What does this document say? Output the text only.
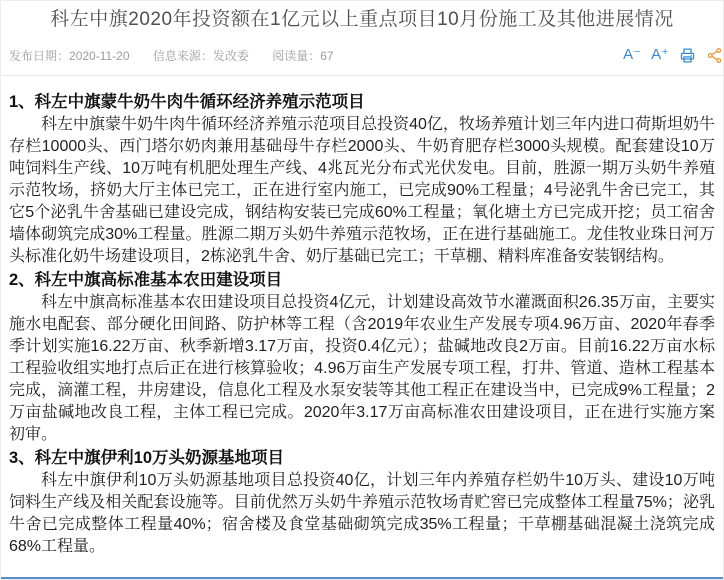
科左中旗2020年投资额在1亿元以上重点项目10月份施工及其他进展情况
发布日期：2020-11-20 信息来源：发改委 阅读量：67	A⁻ A⁺
1、科左中旗蒙牛奶牛肉牛循环经济养殖示范项目

科左中旗蒙牛奶牛肉牛循环经济养殖示范项目总投资40亿，牧场养殖计划三年内进口荷斯坦奶牛存栏10000头、西门塔尔奶肉兼用基础母牛存栏2000头、牛奶育肥存栏3000头规模。配套建设10万吨饲料生产线、10万吨有机肥处理生产线、4兆瓦光分布式光伏发电。目前，胜源一期万头奶牛养殖示范牧场，挤奶大厅主体已完工，正在进行室内施工，已完成90%工程量；4号泌乳牛舍已完工，其它5个泌乳牛舍基础已建设完成，钢结构安装已完成60%工程量；氧化塘土方已完成开挖；员工宿舍墙体砌筑完成30%工程量。胜源二期万头奶牛养殖示范牧场，正在进行基础施工。龙佳牧业珠日河万头标准化奶牛场建设项目，2栋泌乳牛舍、奶厅基础已完工；干草棚、精料库准备安装钢结构。

2、科左中旗高标准基本农田建设项目

科左中旗高标准基本农田建设项目总投资4亿元，计划建设高效节水灌溉面积26.35万亩，主要实施水电配套、部分硬化田间路、防护林等工程（含2019年农业生产发展专项4.96万亩、2020年春季季计划实施16.22万亩、秋季新增3.17万亩，投资0.4亿元）；盐碱地改良2万亩。目前16.22万亩水标工程验收组实地打点后正在进行核算验收；4.96万亩生产发展专项工程，打井、管道、造林工程基本完成，滴灌工程，井房建设，信息化工程及水泵安装等其他工程正在建设当中，已完成9%工程量；2万亩盐碱地改良工程，主体工程已完成。2020年3.17万亩高标准农田建设项目，正在进行实施方案初审。

3、科左中旗伊利10万头奶源基地项目

科左中旗伊利10万头奶源基地项目总投资40亿，计划三年内养殖存栏奶牛10万头、建设10万吨饲料生产线及相关配套设施等。目前优然万头奶牛养殖示范牧场青贮窖已完成整体工程量75%；泌乳牛舍已完成整体工程量40%；宿舍楼及食堂基础砌筑完成35%工程量；干草棚基础混凝土浇筑完成68%工程量。
